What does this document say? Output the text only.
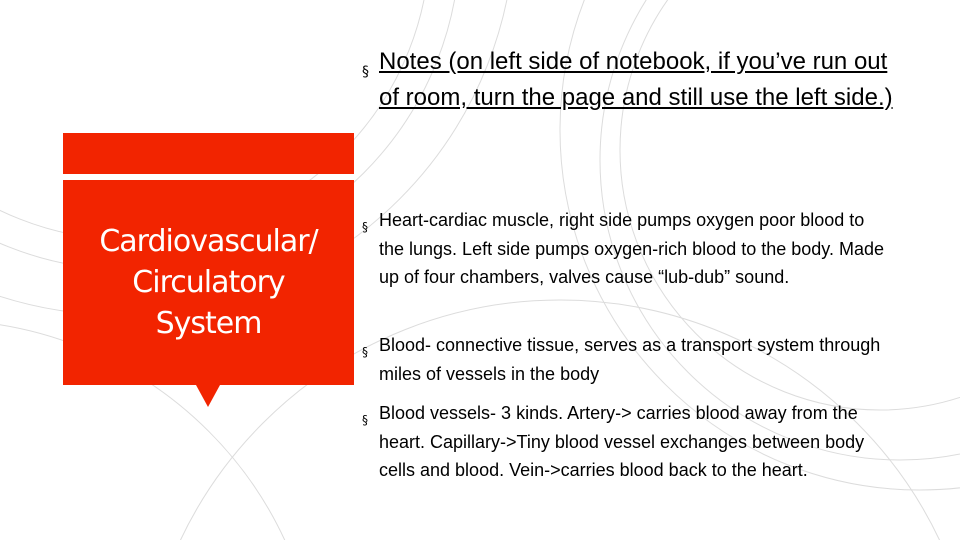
Cardiovascular/
Circulatory
System
§ Notes (on left side of notebook, if you’ve run out of room, turn the page and still use the left side.)
§ Heart-cardiac muscle, right side pumps oxygen poor blood to the lungs. Left side pumps oxygen-rich blood to the body. Made up of four chambers, valves cause “lub-dub” sound.
§ Blood- connective tissue, serves as a transport system through miles of vessels in the body
§ Blood vessels- 3 kinds. Artery-> carries blood away from the heart. Capillary->Tiny blood vessel exchanges between body cells and blood. Vein->carries blood back to the heart.
